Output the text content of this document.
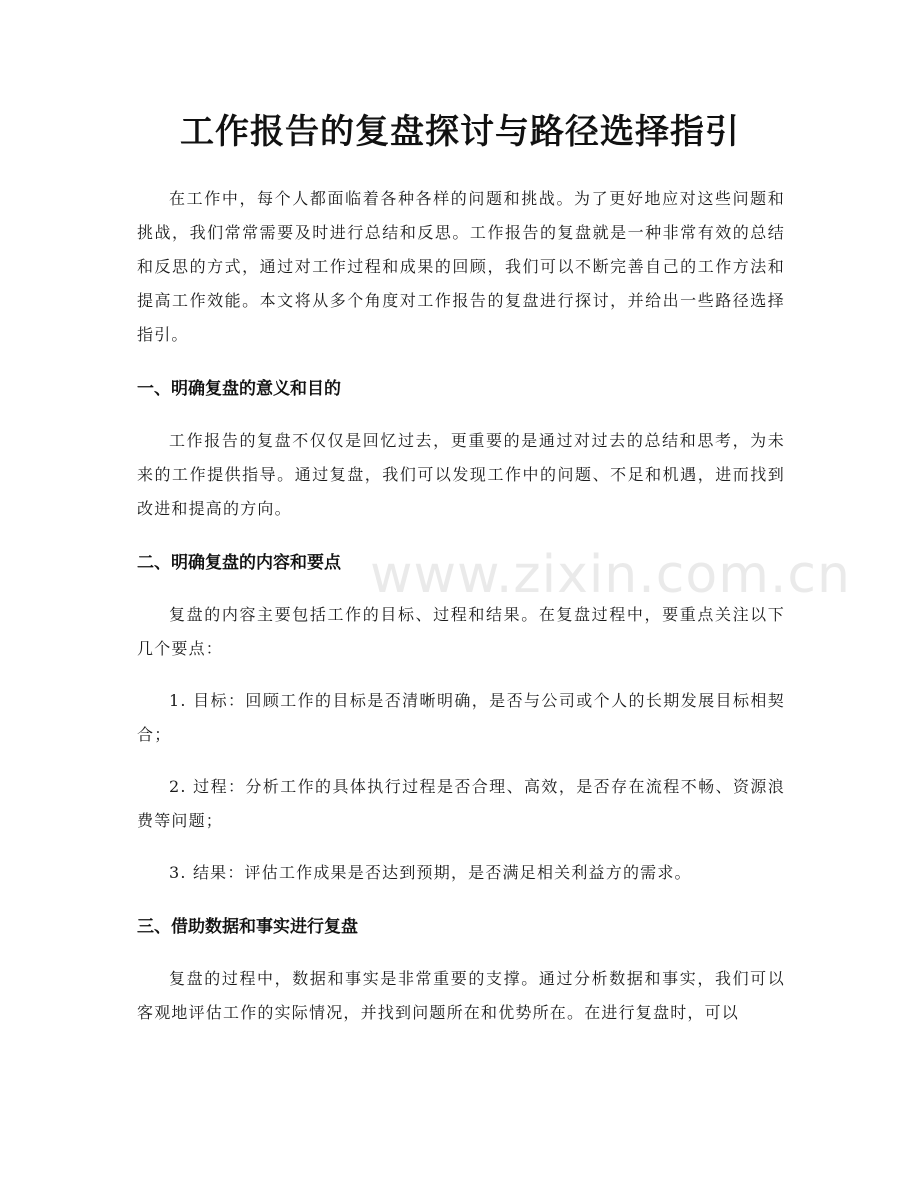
工作报告的复盘探讨与路径选择指引

在工作中，每个人都面临着各种各样的问题和挑战。为了更好地应对这些问题和挑战，我们常常需要及时进行总结和反思。工作报告的复盘就是一种非常有效的总结和反思的方式，通过对工作过程和成果的回顾，我们可以不断完善自己的工作方法和提高工作效能。本文将从多个角度对工作报告的复盘进行探讨，并给出一些路径选择指引。

一、明确复盘的意义和目的

工作报告的复盘不仅仅是回忆过去，更重要的是通过对过去的总结和思考，为未来的工作提供指导。通过复盘，我们可以发现工作中的问题、不足和机遇，进而找到改进和提高的方向。

二、明确复盘的内容和要点

复盘的内容主要包括工作的目标、过程和结果。在复盘过程中，要重点关注以下几个要点：

1. 目标：回顾工作的目标是否清晰明确，是否与公司或个人的长期发展目标相契合；

2. 过程：分析工作的具体执行过程是否合理、高效，是否存在流程不畅、资源浪费等问题；

3. 结果：评估工作成果是否达到预期，是否满足相关利益方的需求。

三、借助数据和事实进行复盘

复盘的过程中，数据和事实是非常重要的支撑。通过分析数据和事实，我们可以客观地评估工作的实际情况，并找到问题所在和优势所在。在进行复盘时，可以

www.zixin.com.cn
